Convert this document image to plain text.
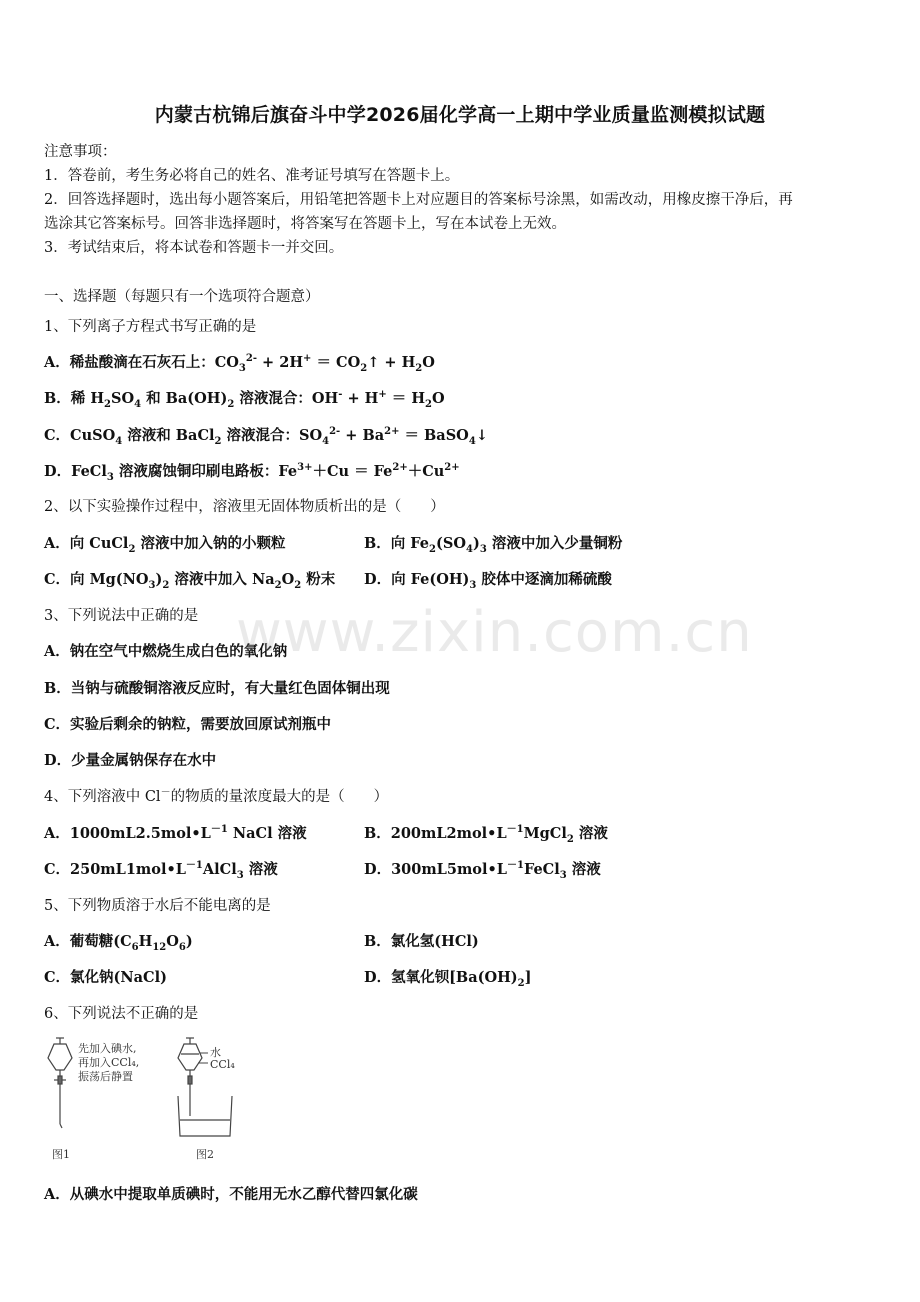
内蒙古杭锦后旗奋斗中学2026届化学高一上期中学业质量监测模拟试题
注意事项：
1．答卷前，考生务必将自己的姓名、准考证号填写在答题卡上。
2．回答选择题时，选出每小题答案后，用铅笔把答题卡上对应题目的答案标号涂黑，如需改动，用橡皮擦干净后，再
选涂其它答案标号。回答非选择题时，将答案写在答题卡上，写在本试卷上无效。
3．考试结束后，将本试卷和答题卡一并交回。
一、选择题（每题只有一个选项符合题意）
1、下列离子方程式书写正确的是
A．稀盐酸滴在石灰石上：$CO_3^{2-} + 2H^+$ ＝ $CO_2↑ + H_2O$
B．稀 $H_2SO_4$ 和 $Ba(OH)_2$ 溶液混合：$OH^- + H^+ = H_2O$
C．CuSO$_4$ 溶液和 BaCl$_2$ 溶液混合：$SO_4^{2-} + Ba^{2+}$ ＝ BaSO$_4$↓
D．FeCl$_3$ 溶液腐蚀铜印刷电路板：$Fe^{3+}+Cu = Fe^{2+}+Cu^{2+}$
2、以下实验操作过程中，溶液里无固体物质析出的是（　　）
A．向 CuCl$_2$ 溶液中加入钠的小颗粒	B．向 $Fe_2(SO_4)_3$ 溶液中加入少量铜粉
C．向 $Mg(NO_3)_2$ 溶液中加入 $Na_2O_2$ 粉末 D．向 $Fe(OH)_3$ 胶体中逐滴加稀硫酸
3、下列说法中正确的是
A．钠在空气中燃烧生成白色的氧化钠
B．当钠与硫酸铜溶液反应时，有大量红色固体铜出现
C．实验后剩余的钠粒，需要放回原试剂瓶中
D．少量金属钠保存在水中
4、下列溶液中 Cl－的物质的量浓度最大的是（　　）
A．$1000mL2.5mol•L^{-1}$ NaCl 溶液	B．$200mL2mol•L^{-1}MgCl_2$ 溶液
C．$250mL1mol•L^{-1}AlCl_3$ 溶液	D．$300mL5mol•L^{-1}FeCl_3$ 溶液
5、下列物质溶于水后不能电离的是
A．葡萄糖$(C_6H_{12}O_6)$	B．氯化氢(HCl)
C．氯化钠(NaCl)	D．氢氧化钡$[Ba(OH)_2]$
6、下列说法不正确的是
先加入碘水,
再加入CCl₄,
振荡后静置
图1
水
CCl₄
图2
A．从碘水中提取单质碘时，不能用无水乙醇代替四氯化碳
www.zixin.com.cn
